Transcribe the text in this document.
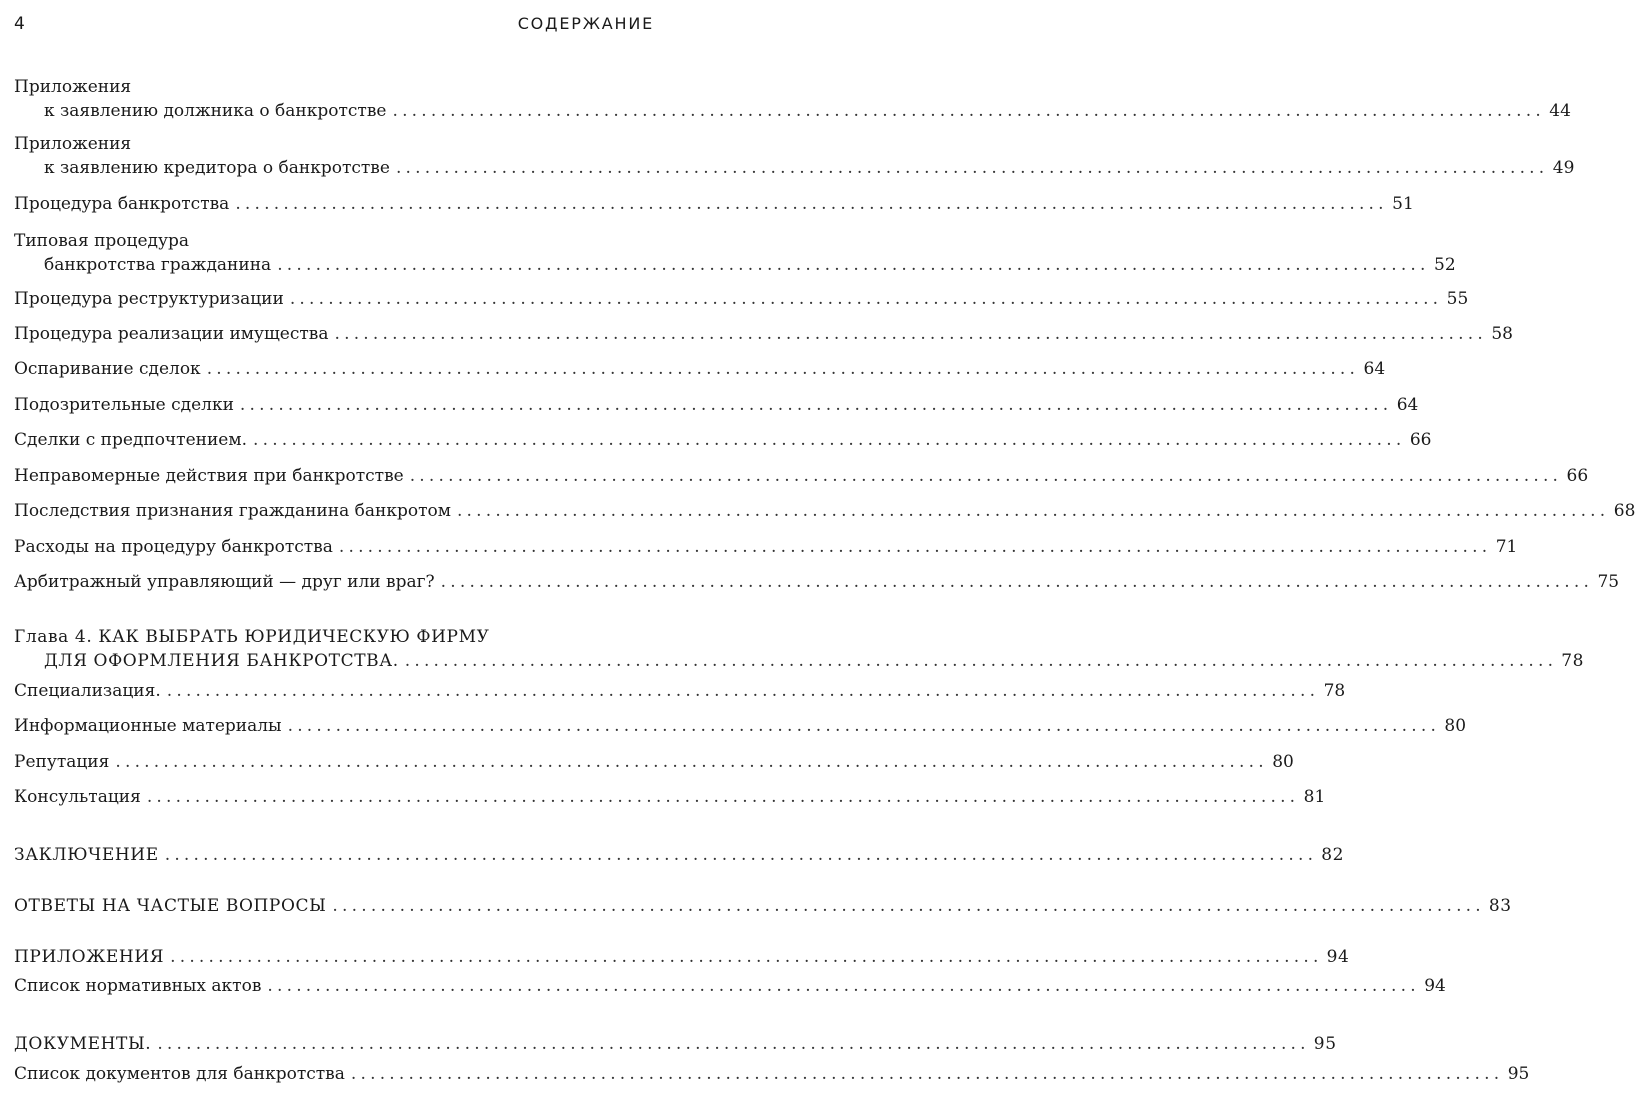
4	СОДЕРЖАНИЕ
Приложения
к заявлению должника о банкротстве ........................................................................................................................ 44
Приложения
к заявлению кредитора о банкротстве ........................................................................................................................ 49
Процедура банкротства ........................................................................................................................ 51
Типовая процедура
банкротства гражданина ........................................................................................................................ 52
Процедура реструктуризации ........................................................................................................................ 55
Процедура реализации имущества ........................................................................................................................ 58
Оспаривание сделок ........................................................................................................................ 64
Подозрительные сделки ........................................................................................................................ 64
Сделки с предпочтением. ........................................................................................................................ 66
Неправомерные действия при банкротстве ........................................................................................................................ 66
Последствия признания гражданина банкротом ........................................................................................................................ 68
Расходы на процедуру банкротства ........................................................................................................................ 71
Арбитражный управляющий — друг или враг? ........................................................................................................................ 75
Глава 4. КАК ВЫБРАТЬ ЮРИДИЧЕСКУЮ ФИРМУ
ДЛЯ ОФОРМЛЕНИЯ БАНКРОТСТВА. ........................................................................................................................ 78
Специализация. ........................................................................................................................ 78
Информационные материалы ........................................................................................................................ 80
Репутация ........................................................................................................................ 80
Консультация ........................................................................................................................ 81
ЗАКЛЮЧЕНИЕ ........................................................................................................................ 82
ОТВЕТЫ НА ЧАСТЫЕ ВОПРОСЫ ........................................................................................................................ 83
ПРИЛОЖЕНИЯ ........................................................................................................................ 94
Список нормативных актов ........................................................................................................................ 94
ДОКУМЕНТЫ. ........................................................................................................................ 95
Список документов для банкротства ........................................................................................................................ 95
